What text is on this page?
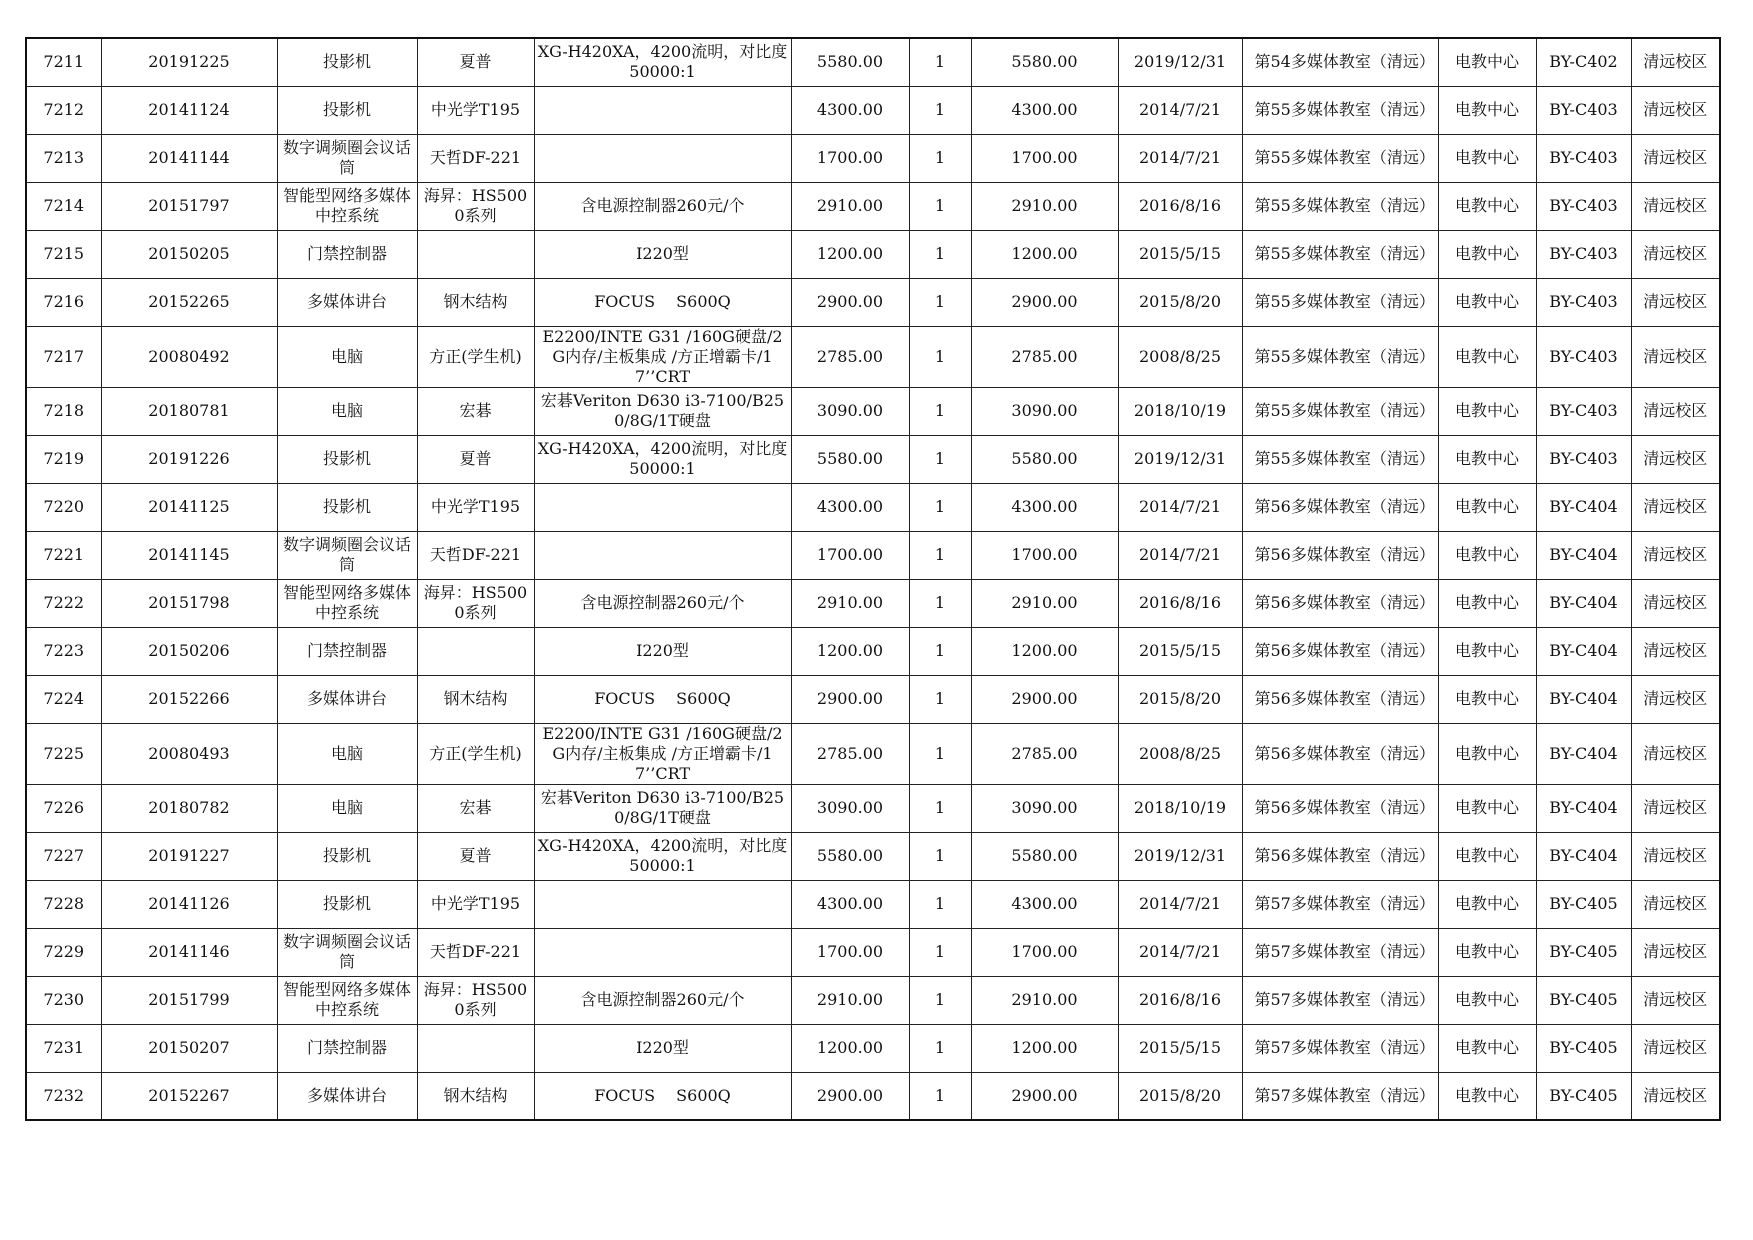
7211	20191225	投影机	夏普	XG-H420XA，4200流明，对比度50000:1	5580.00	1	5580.00	2019/12/31	第54多媒体教室（清远）	电教中心	BY-C402	清远校区
7212	20141124	投影机	中光学T195		4300.00	1	4300.00	2014/7/21	第55多媒体教室（清远）	电教中心	BY-C403	清远校区
7213	20141144	数字调频圈会议话筒	天哲DF-221		1700.00	1	1700.00	2014/7/21	第55多媒体教室（清远）	电教中心	BY-C403	清远校区
7214	20151797	智能型网络多媒体中控系统	海昇：HS5000系列	含电源控制器260元/个	2910.00	1	2910.00	2016/8/16	第55多媒体教室（清远）	电教中心	BY-C403	清远校区
7215	20150205	门禁控制器		I220型	1200.00	1	1200.00	2015/5/15	第55多媒体教室（清远）	电教中心	BY-C403	清远校区
7216	20152265	多媒体讲台	钢木结构	FOCUS　 S600Q	2900.00	1	2900.00	2015/8/20	第55多媒体教室（清远）	电教中心	BY-C403	清远校区
7217	20080492	电脑	方正(学生机)	E2200/INTE G31 /160G硬盘/2G内存/主板集成 /方正增霸卡/17’’CRT	2785.00	1	2785.00	2008/8/25	第55多媒体教室（清远）	电教中心	BY-C403	清远校区
7218	20180781	电脑	宏碁	宏碁Veriton D630 i3-7100/B250/8G/1T硬盘	3090.00	1	3090.00	2018/10/19	第55多媒体教室（清远）	电教中心	BY-C403	清远校区
7219	20191226	投影机	夏普	XG-H420XA，4200流明，对比度50000:1	5580.00	1	5580.00	2019/12/31	第55多媒体教室（清远）	电教中心	BY-C403	清远校区
7220	20141125	投影机	中光学T195		4300.00	1	4300.00	2014/7/21	第56多媒体教室（清远）	电教中心	BY-C404	清远校区
7221	20141145	数字调频圈会议话筒	天哲DF-221		1700.00	1	1700.00	2014/7/21	第56多媒体教室（清远）	电教中心	BY-C404	清远校区
7222	20151798	智能型网络多媒体中控系统	海昇：HS5000系列	含电源控制器260元/个	2910.00	1	2910.00	2016/8/16	第56多媒体教室（清远）	电教中心	BY-C404	清远校区
7223	20150206	门禁控制器		I220型	1200.00	1	1200.00	2015/5/15	第56多媒体教室（清远）	电教中心	BY-C404	清远校区
7224	20152266	多媒体讲台	钢木结构	FOCUS　 S600Q	2900.00	1	2900.00	2015/8/20	第56多媒体教室（清远）	电教中心	BY-C404	清远校区
7225	20080493	电脑	方正(学生机)	E2200/INTE G31 /160G硬盘/2G内存/主板集成 /方正增霸卡/17’’CRT	2785.00	1	2785.00	2008/8/25	第56多媒体教室（清远）	电教中心	BY-C404	清远校区
7226	20180782	电脑	宏碁	宏碁Veriton D630 i3-7100/B250/8G/1T硬盘	3090.00	1	3090.00	2018/10/19	第56多媒体教室（清远）	电教中心	BY-C404	清远校区
7227	20191227	投影机	夏普	XG-H420XA，4200流明，对比度50000:1	5580.00	1	5580.00	2019/12/31	第56多媒体教室（清远）	电教中心	BY-C404	清远校区
7228	20141126	投影机	中光学T195		4300.00	1	4300.00	2014/7/21	第57多媒体教室（清远）	电教中心	BY-C405	清远校区
7229	20141146	数字调频圈会议话筒	天哲DF-221		1700.00	1	1700.00	2014/7/21	第57多媒体教室（清远）	电教中心	BY-C405	清远校区
7230	20151799	智能型网络多媒体中控系统	海昇：HS5000系列	含电源控制器260元/个	2910.00	1	2910.00	2016/8/16	第57多媒体教室（清远）	电教中心	BY-C405	清远校区
7231	20150207	门禁控制器		I220型	1200.00	1	1200.00	2015/5/15	第57多媒体教室（清远）	电教中心	BY-C405	清远校区
7232	20152267	多媒体讲台	钢木结构	FOCUS　 S600Q	2900.00	1	2900.00	2015/8/20	第57多媒体教室（清远）	电教中心	BY-C405	清远校区
